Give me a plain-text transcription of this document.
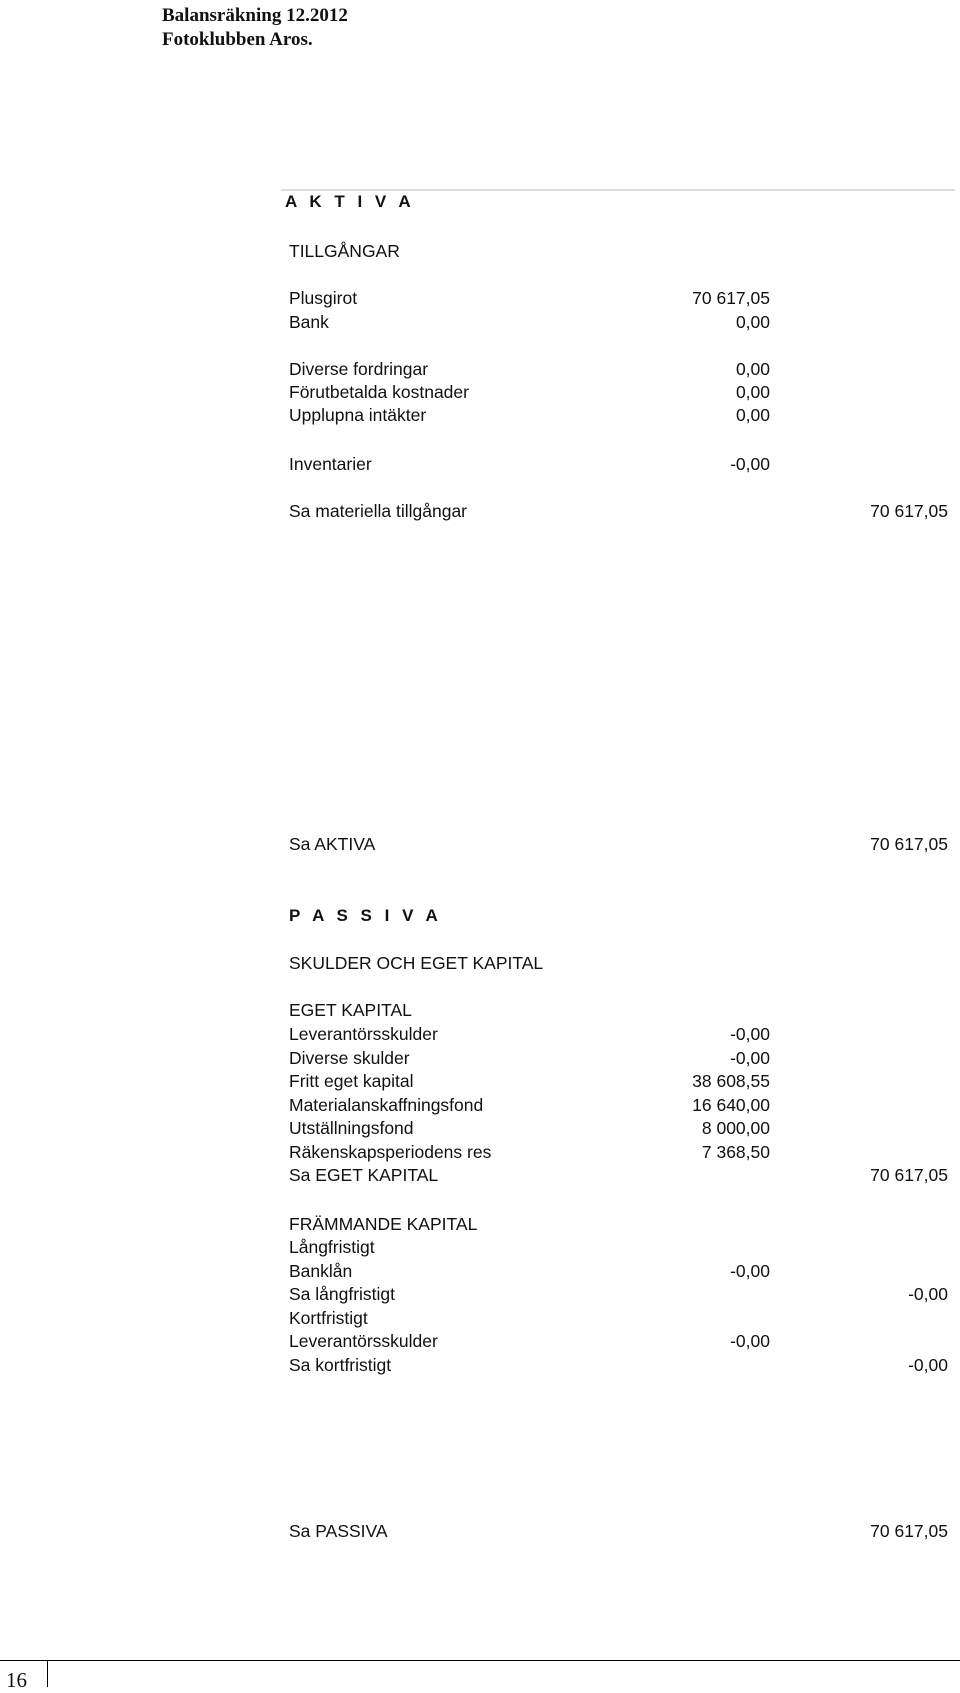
Balansräkning 12.2012
Fotoklubben Aros.
A K T I V A
TILLGÅNGAR
Plusgirot	70 617,05
Bank	0,00
Diverse fordringar	0,00
Förutbetalda kostnader	0,00
Upplupna intäkter	0,00
Inventarier	-0,00
Sa materiella tillgångar	70 617,05
Sa AKTIVA	70 617,05
P A S S I V A
SKULDER OCH EGET KAPITAL
EGET KAPITAL
Leverantörsskulder	-0,00
Diverse skulder	-0,00
Fritt eget kapital	38 608,55
Materialanskaffningsfond	16 640,00
Utställningsfond	8 000,00
Räkenskapsperiodens res	7 368,50
Sa EGET KAPITAL	70 617,05
FRÄMMANDE KAPITAL
Långfristigt
Banklån	-0,00
Sa långfristigt	-0,00
Kortfristigt
Leverantörsskulder	-0,00
Sa kortfristigt	-0,00
Sa PASSIVA	70 617,05
16
